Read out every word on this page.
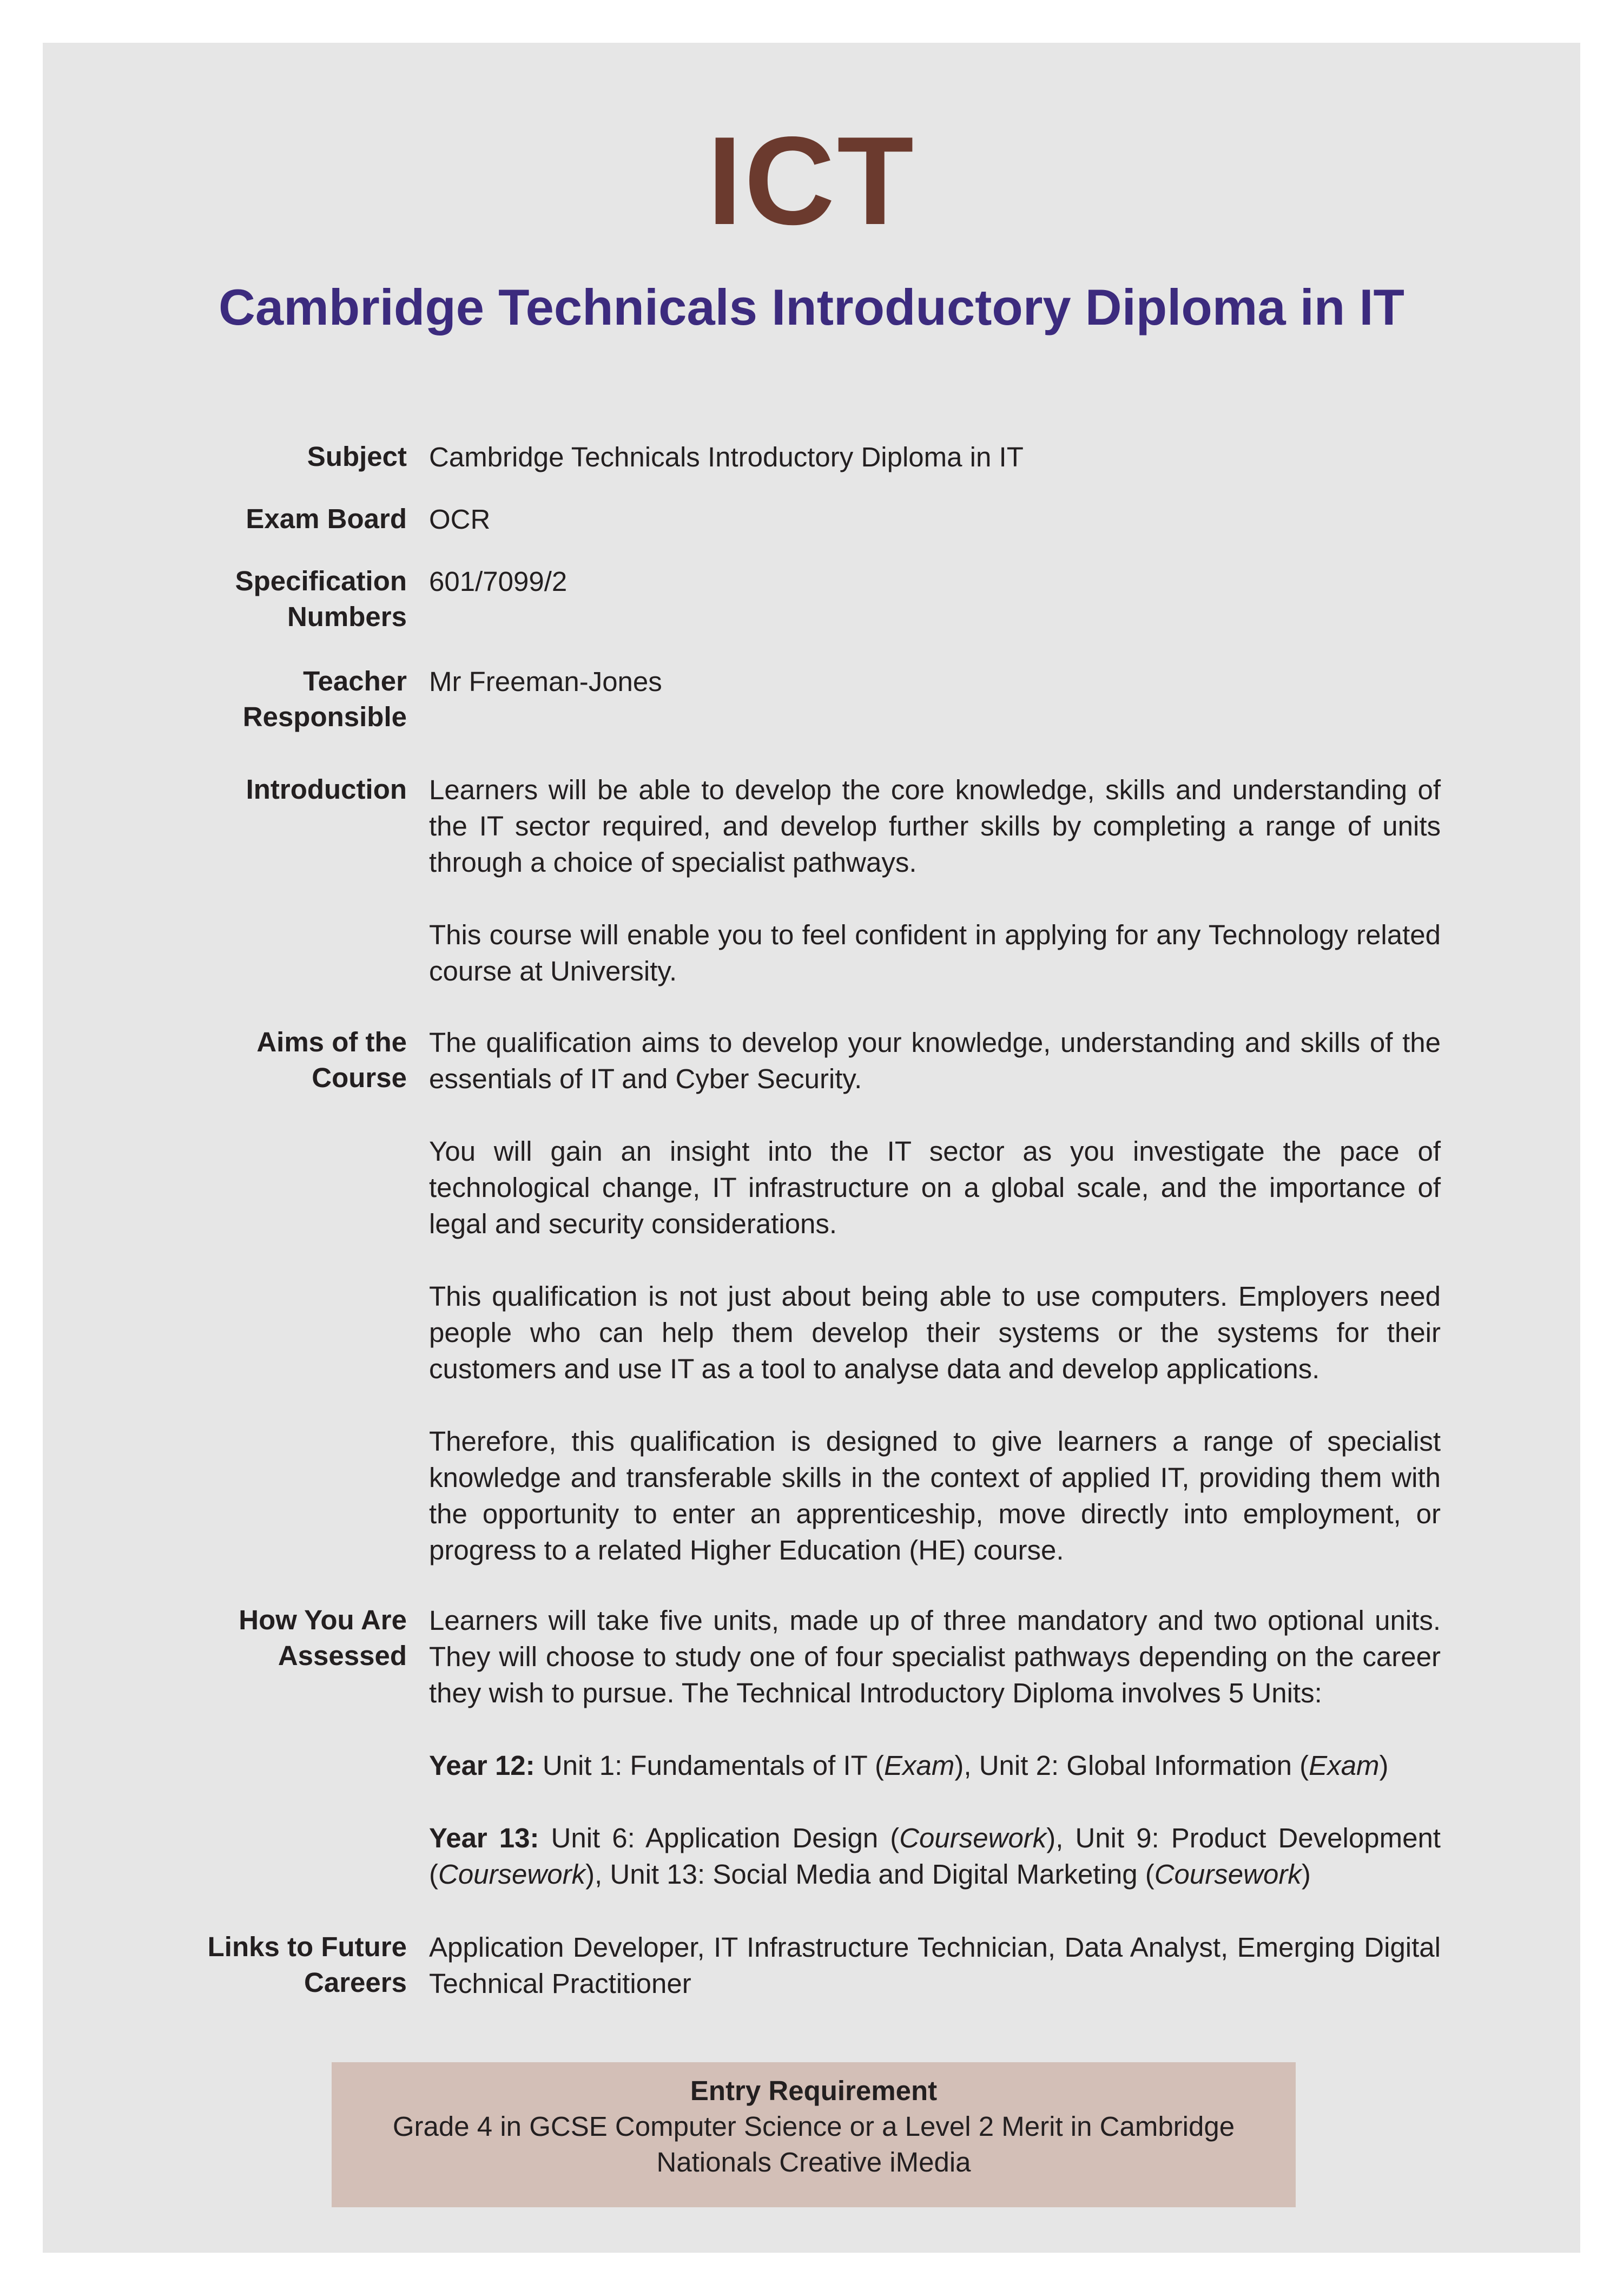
ICT
Cambridge Technicals Introductory Diploma in IT
Subject Cambridge Technicals Introductory Diploma in IT
Exam Board OCR
Specification
Numbers
601/7099/2
Teacher
Responsible
Mr Freeman-Jones
Introduction Learners will be able to develop the core knowledge, skills and understanding of the IT sector required, and develop further skills by completing a range of units through a choice of specialist pathways.

This course will enable you to feel confident in applying for any Technology related course at University.

Aims of the
Course

The qualification aims to develop your knowledge, understanding and skills of the essentials of IT and Cyber Security.

You will gain an insight into the IT sector as you investigate the pace of technological change, IT infrastructure on a global scale, and the importance of legal and security considerations.

This qualification is not just about being able to use computers. Employers need people who can help them develop their systems or the systems for their customers and use IT as a tool to analyse data and develop applications.

Therefore, this qualification is designed to give learners a range of specialist knowledge and transferable skills in the context of applied IT, providing them with the opportunity to enter an apprenticeship, move directly into employment, or progress to a related Higher Education (HE) course.

How You Are
Assessed

Learners will take five units, made up of three mandatory and two optional units. They will choose to study one of four specialist pathways depending on the career they wish to pursue. The Technical Introductory Diploma involves 5 Units:

Year 12: Unit 1: Fundamentals of IT (Exam), Unit 2: Global Information (Exam)

Year 13: Unit 6: Application Design (Coursework), Unit 9: Product Development (Coursework), Unit 13: Social Media and Digital Marketing (Coursework)

Links to Future
Careers

Application Developer, IT Infrastructure Technician, Data Analyst, Emerging Digital Technical Practitioner

Entry Requirement
Grade 4 in GCSE Computer Science or a Level 2 Merit in Cambridge Nationals Creative iMedia
